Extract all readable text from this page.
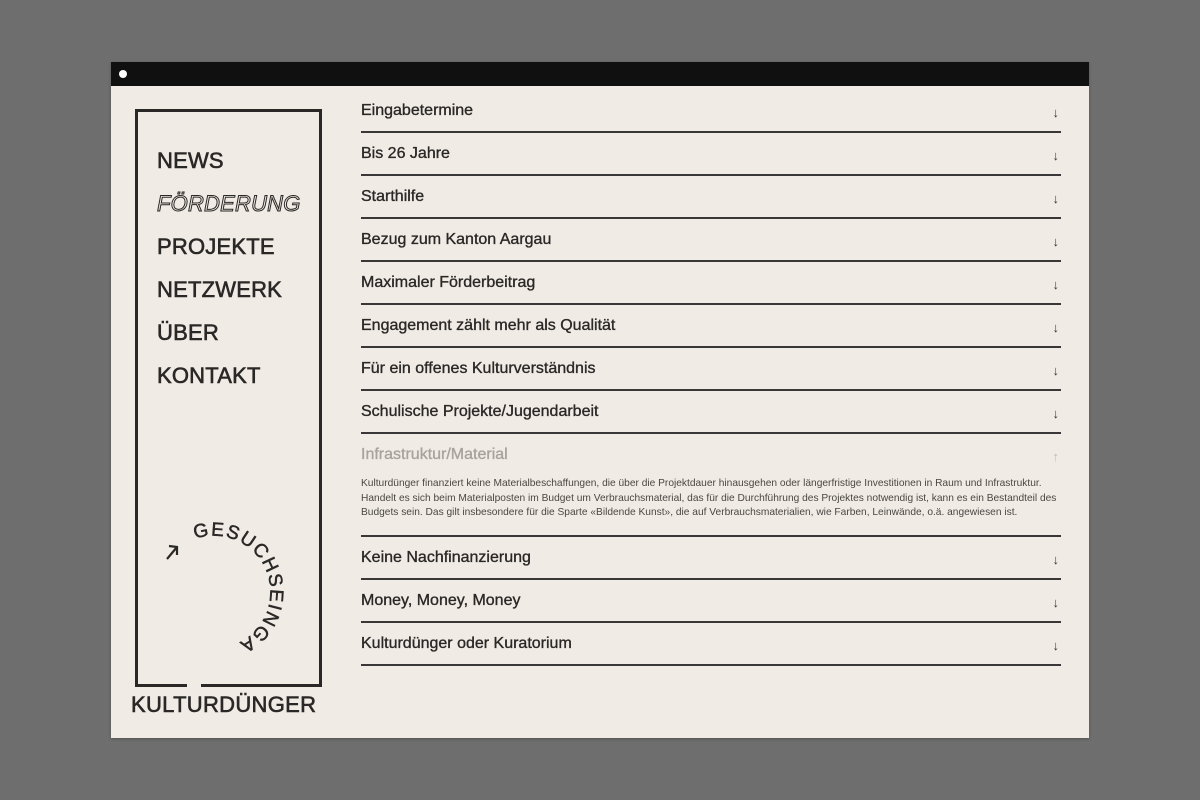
NEWS
FÖRDERUNG
PROJEKTE
NETZWERK
ÜBER
KONTAKT
GESUCHSEINGA
KULTURDÜNGER
Eingabetermine	↓
Bis 26 Jahre	↓
Starthilfe	↓
Bezug zum Kanton Aargau	↓
Maximaler Förderbeitrag	↓
Engagement zählt mehr als Qualität	↓
Für ein offenes Kulturverständnis	↓
Schulische Projekte/Jugendarbeit	↓
Infrastruktur/Material	↑
Kulturdünger finanziert keine Materialbeschaffungen, die über die Projektdauer hinausgehen oder längerfristige Investitionen in Raum und Infrastruktur. Handelt es sich beim Materialposten im Budget um Verbrauchsmaterial, das für die Durchführung des Projektes notwendig ist, kann es ein Bestandteil des Budgets sein. Das gilt insbesondere für die Sparte «Bildende Kunst», die auf Verbrauchsmaterialien, wie Farben, Leinwände, o.ä. angewiesen ist.
Keine Nachfinanzierung	↓
Money, Money, Money	↓
Kulturdünger oder Kuratorium	↓
